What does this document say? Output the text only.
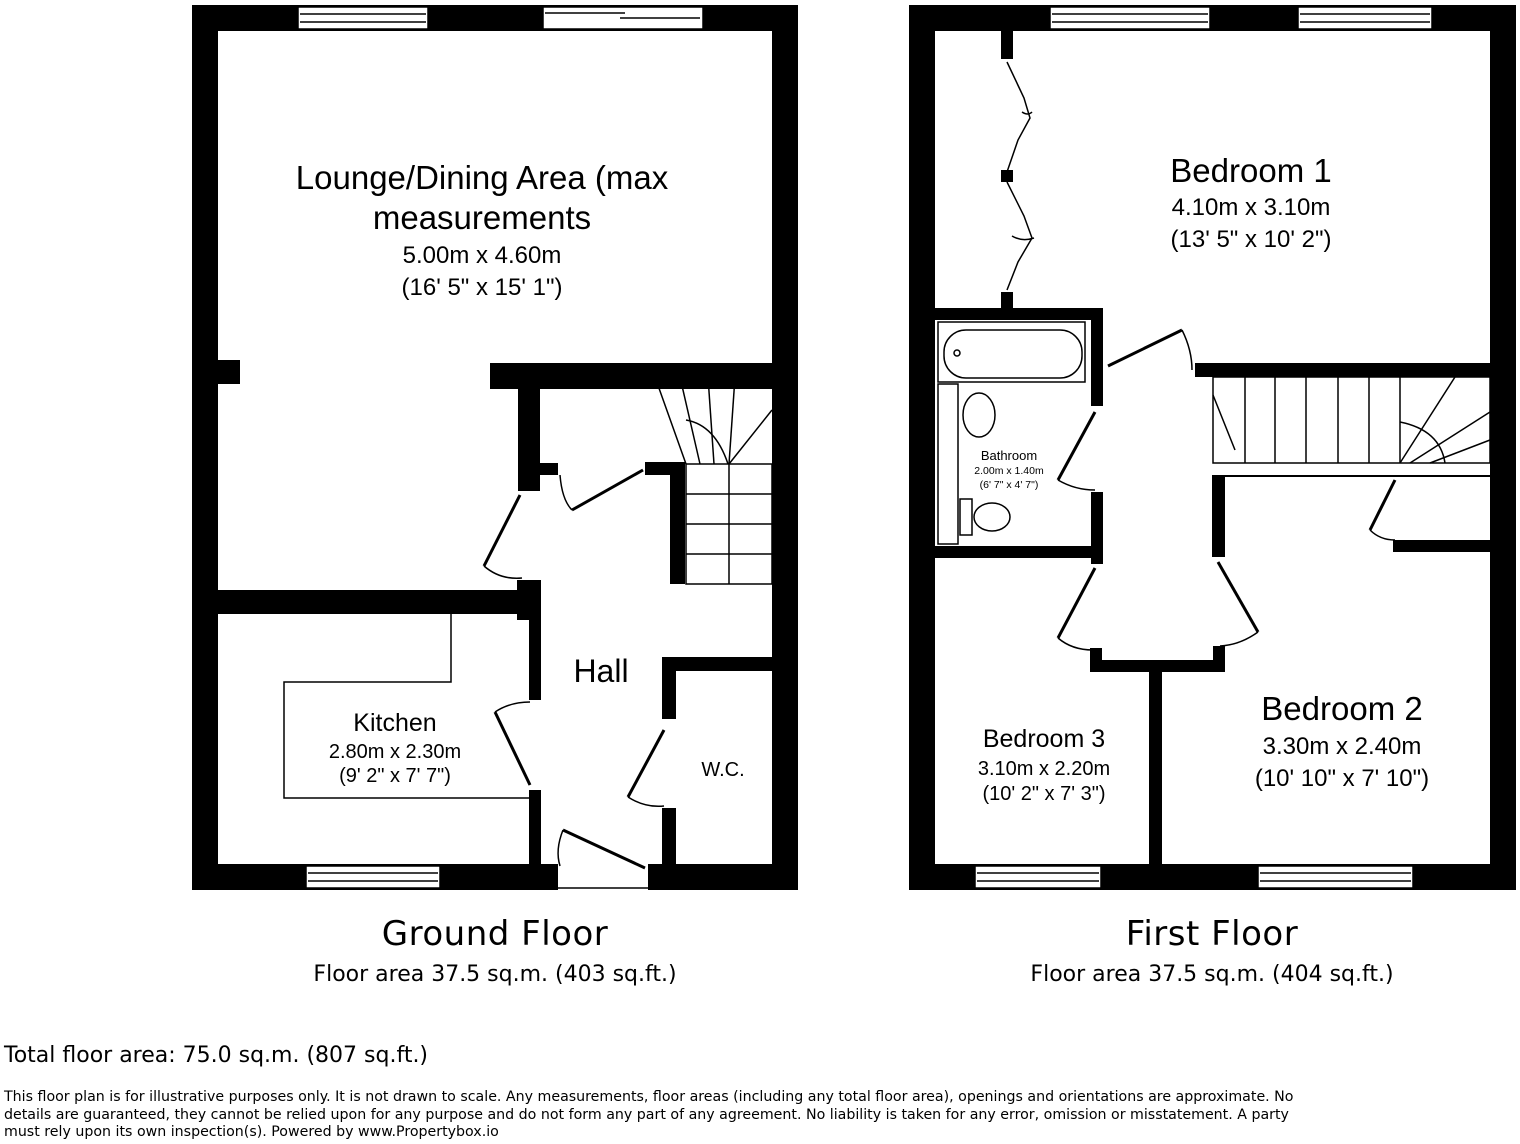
Lounge/Dining Area (max
measurements
5.00m x 4.60m
(16' 5" x 15' 1")
Kitchen
2.80m x 2.30m
(9' 2" x 7' 7")
Hall
W.C.
Bedroom 1
4.10m x 3.10m
(13' 5" x 10' 2")
Bathroom
2.00m x 1.40m
(6' 7" x 4' 7")
Bedroom 2
3.30m x 2.40m
(10' 10" x 7' 10")
Bedroom 3
3.10m x 2.20m
(10' 2" x 7' 3")
Ground Floor
Floor area 37.5 sq.m. (403 sq.ft.)
First Floor
Floor area 37.5 sq.m. (404 sq.ft.)
Total floor area: 75.0 sq.m. (807 sq.ft.)
This floor plan is for illustrative purposes only. It is not drawn to scale. Any measurements, floor areas (including any total floor area), openings and orientations are approximate. No details are guaranteed, they cannot be relied upon for any purpose and do not form any part of any agreement. No liability is taken for any error, omission or misstatement. A party must rely upon its own inspection(s). Powered by www.Propertybox.io
